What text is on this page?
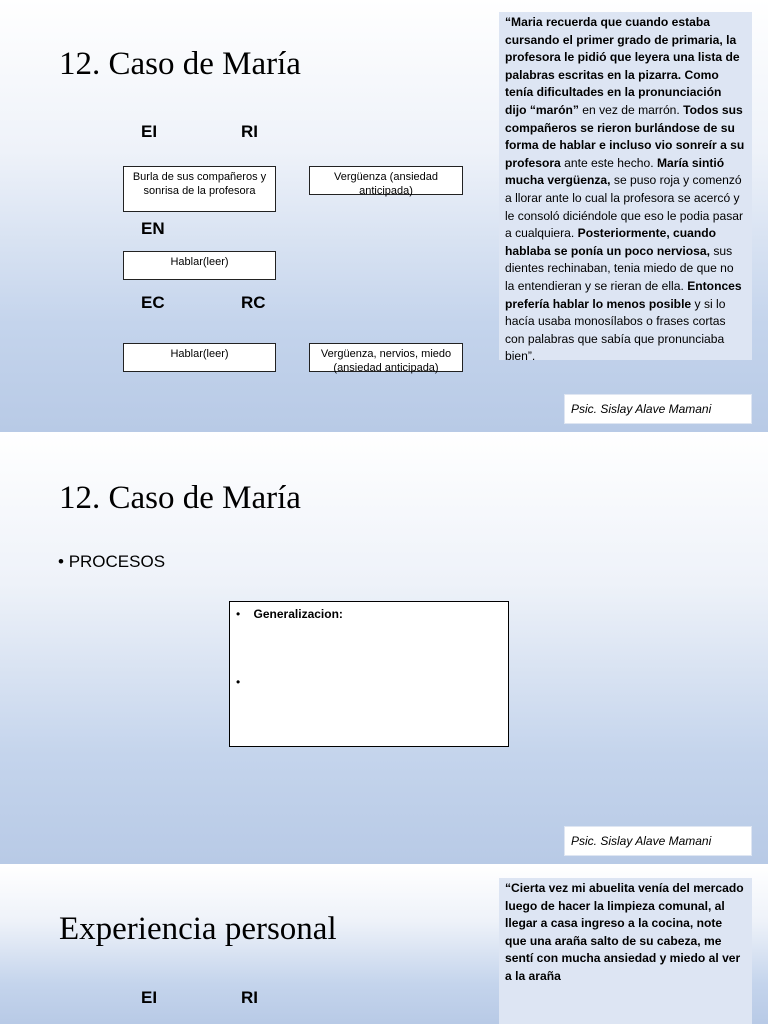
12. Caso de María
EI	RI
Burla de sus compañeros y sonrisa de la profesora
Vergüenza (ansiedad anticipada)
EN
Hablar(leer)
EC	RC
Hablar(leer)	Vergüenza, nervios, miedo (ansiedad anticipada)
“Maria recuerda que cuando estaba cursando el primer grado de primaria, la profesora le pidió que leyera una lista de palabras escritas en la pizarra. Como tenía dificultades en la pronunciación dijo “marón” en vez de marrón. Todos sus compañeros se rieron burlándose de su forma de hablar e incluso vio sonreír a su profesora ante este hecho. María sintió mucha vergüenza, se puso roja y comenzó a llorar ante lo cual la profesora se acercó y le consoló diciéndole que eso le podia pasar a cualquiera. Posteriormente, cuando hablaba se ponía un poco nerviosa, sus dientes rechinaban, tenia miedo de que no la entendieran y se rieran de ella. Entonces prefería hablar lo menos posible y si lo hacía usaba monosílabos o frases cortas con palabras que sabía que pronunciaba bien”.
Psic. Sislay Alave Mamani
12. Caso de María
• PROCESOS
•    Generalizacion:
•
Psic. Sislay Alave Mamani
Experiencia personal
EI	RI
“Cierta vez mi abuelita venía del mercado luego de hacer la limpieza comunal, al llegar a casa ingreso a la cocina, note que una araña salto de su cabeza, me sentí con mucha ansiedad y miedo al ver a la araña
